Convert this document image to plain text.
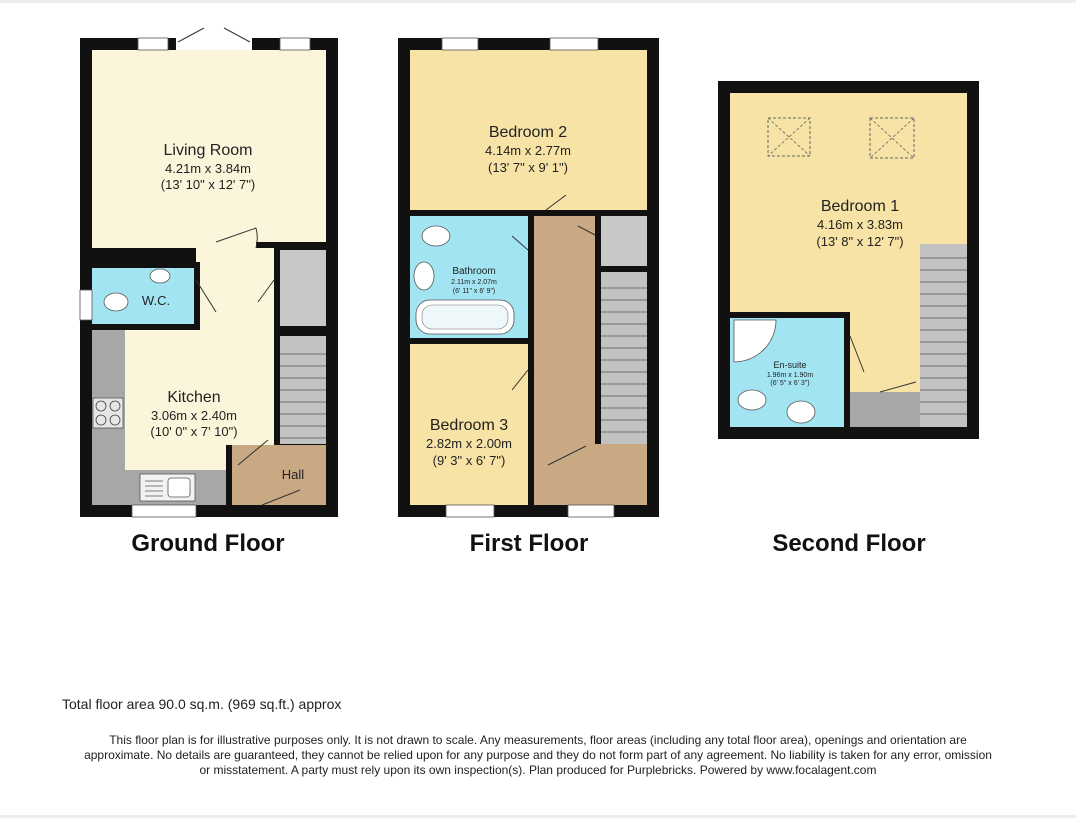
Living Room
4.21m x 3.84m
(13' 10" x 12' 7")
W.C.
Kitchen
3.06m x 2.40m
(10' 0" x 7' 10")
Hall
Bedroom 2
4.14m x 2.77m
(13' 7" x 9' 1")
Bathroom
2.11m x 2.07m
(6' 11" x 6' 9")
Bedroom 3
2.82m x 2.00m
(9' 3" x 6' 7")
Bedroom 1
4.16m x 3.83m
(13' 8" x 12' 7")
En-suite
1.96m x 1.90m
(6' 5" x 6' 3")
Ground Floor	First Floor	Second Floor
Total floor area 90.0 sq.m. (969 sq.ft.) approx
This floor plan is for illustrative purposes only. It is not drawn to scale. Any measurements, floor areas (including any total floor area), openings and orientation are
approximate. No details are guaranteed, they cannot be relied upon for any purpose and they do not form part of any agreement. No liability is taken for any error, omission
or misstatement. A party must rely upon its own inspection(s). Plan produced for Purplebricks. Powered by www.focalagent.com
